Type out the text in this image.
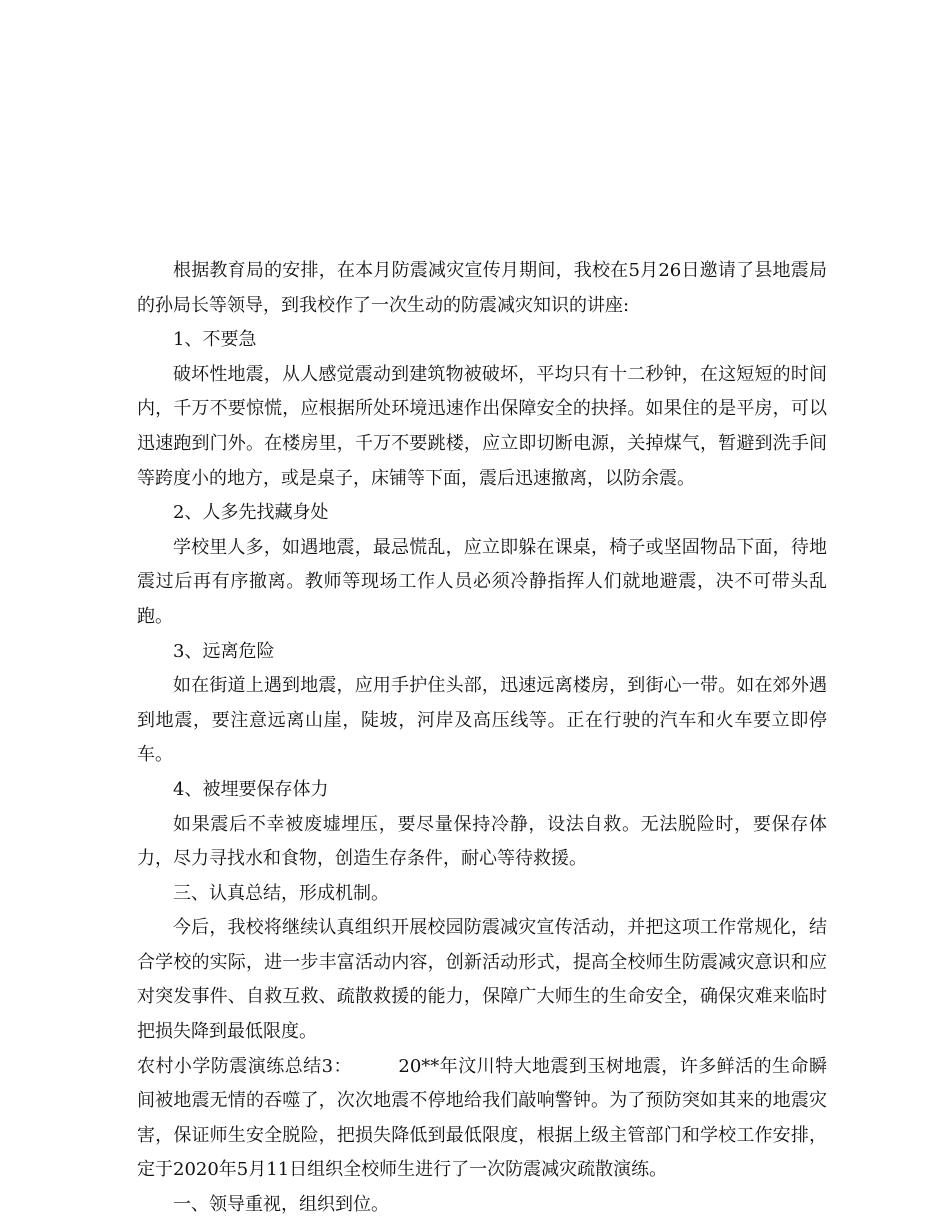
根据教育局的安排，在本月防震减灾宣传月期间，我校在5月26日邀请了县地震局的孙局长等领导，到我校作了一次生动的防震减灾知识的讲座:

1、不要急

破坏性地震，从人感觉震动到建筑物被破坏，平均只有十二秒钟，在这短短的时间内，千万不要惊慌，应根据所处环境迅速作出保障安全的抉择。如果住的是平房，可以迅速跑到门外。在楼房里，千万不要跳楼，应立即切断电源，关掉煤气，暂避到洗手间等跨度小的地方，或是桌子，床铺等下面，震后迅速撤离，以防余震。

2、人多先找藏身处

学校里人多，如遇地震，最忌慌乱，应立即躲在课桌，椅子或坚固物品下面，待地震过后再有序撤离。教师等现场工作人员必须冷静指挥人们就地避震，决不可带头乱跑。

3、远离危险

如在街道上遇到地震，应用手护住头部，迅速远离楼房，到街心一带。如在郊外遇到地震，要注意远离山崖，陡坡，河岸及高压线等。正在行驶的汽车和火车要立即停车。

4、被埋要保存体力

如果震后不幸被废墟埋压，要尽量保持冷静，设法自救。无法脱险时，要保存体力，尽力寻找水和食物，创造生存条件，耐心等待救援。

三、认真总结，形成机制。

今后，我校将继续认真组织开展校园防震减灾宣传活动，并把这项工作常规化，结合学校的实际，进一步丰富活动内容，创新活动形式，提高全校师生防震减灾意识和应对突发事件、自救互救、疏散救援的能力，保障广大师生的生命安全，确保灾难来临时把损失降到最低限度。

农村小学防震演练总结3：　　　20**年汶川特大地震到玉树地震，许多鲜活的生命瞬间被地震无情的吞噬了，次次地震不停地给我们敲响警钟。为了预防突如其来的地震灾害，保证师生安全脱险，把损失降低到最低限度，根据上级主管部门和学校工作安排，定于2020年5月11日组织全校师生进行了一次防震减灾疏散演练。

一、领导重视，组织到位。
